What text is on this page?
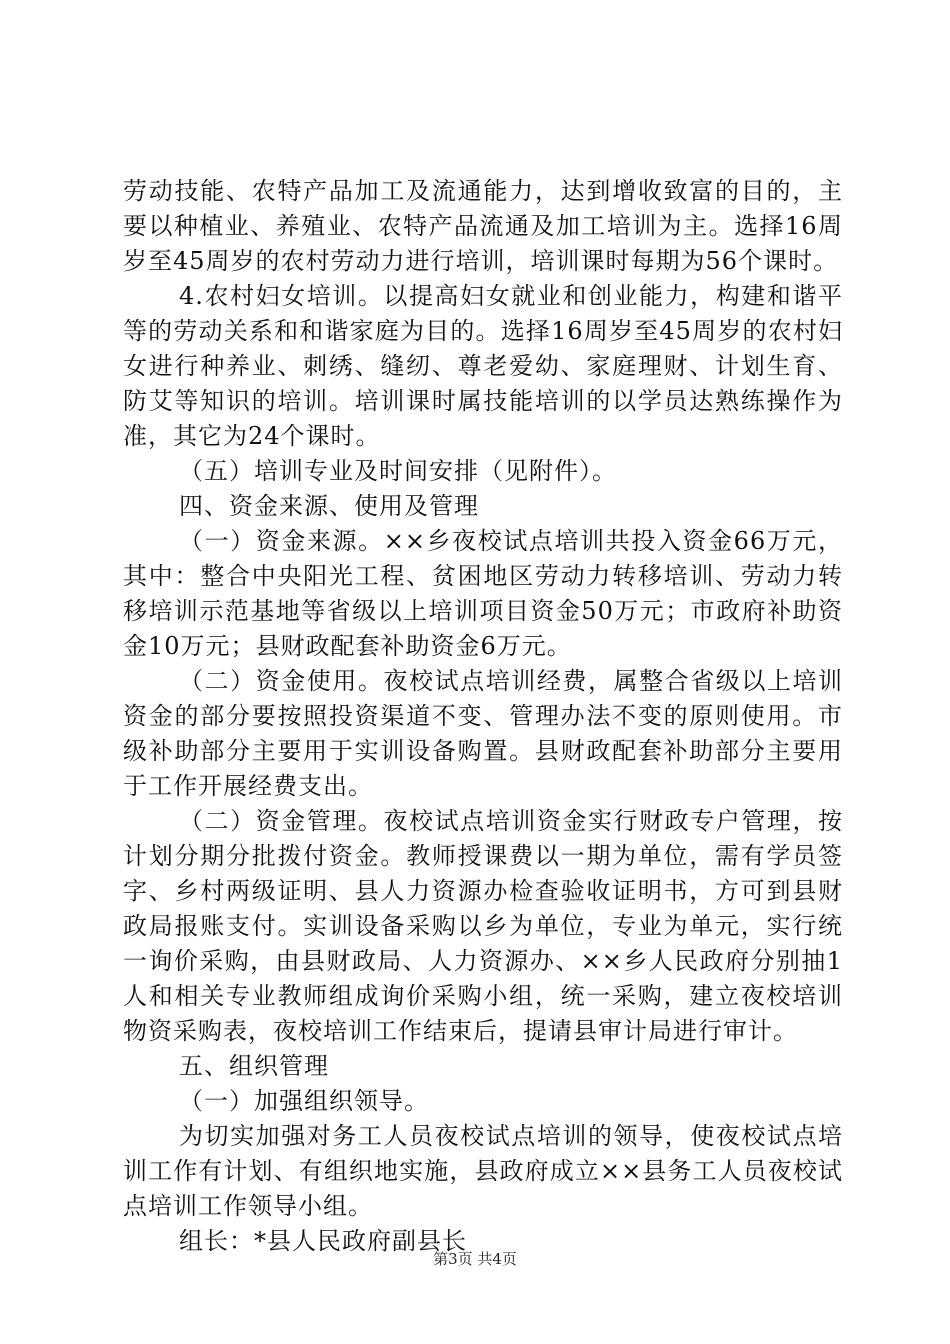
劳动技能、农特产品加工及流通能力，达到增收致富的目的，主要以种植业、养殖业、农特产品流通及加工培训为主。选择16周岁至45周岁的农村劳动力进行培训，培训课时每期为56个课时。

4.农村妇女培训。以提高妇女就业和创业能力，构建和谐平等的劳动关系和和谐家庭为目的。选择16周岁至45周岁的农村妇女进行种养业、刺绣、缝纫、尊老爱幼、家庭理财、计划生育、防艾等知识的培训。培训课时属技能培训的以学员达熟练操作为准，其它为24个课时。

（五）培训专业及时间安排（见附件）。

四、资金来源、使用及管理

（一）资金来源。××乡夜校试点培训共投入资金66万元，其中：整合中央阳光工程、贫困地区劳动力转移培训、劳动力转移培训示范基地等省级以上培训项目资金50万元；市政府补助资金10万元；县财政配套补助资金6万元。

（二）资金使用。夜校试点培训经费，属整合省级以上培训资金的部分要按照投资渠道不变、管理办法不变的原则使用。市级补助部分主要用于实训设备购置。县财政配套补助部分主要用于工作开展经费支出。

（二）资金管理。夜校试点培训资金实行财政专户管理，按计划分期分批拨付资金。教师授课费以一期为单位，需有学员签字、乡村两级证明、县人力资源办检查验收证明书，方可到县财政局报账支付。实训设备采购以乡为单位，专业为单元，实行统一询价采购，由县财政局、人力资源办、××乡人民政府分别抽1人和相关专业教师组成询价采购小组，统一采购，建立夜校培训物资采购表，夜校培训工作结束后，提请县审计局进行审计。

五、组织管理

（一）加强组织领导。

为切实加强对务工人员夜校试点培训的领导，使夜校试点培训工作有计划、有组织地实施，县政府成立××县务工人员夜校试点培训工作领导小组。

组长：*县人民政府副县长

第3页 共4页
